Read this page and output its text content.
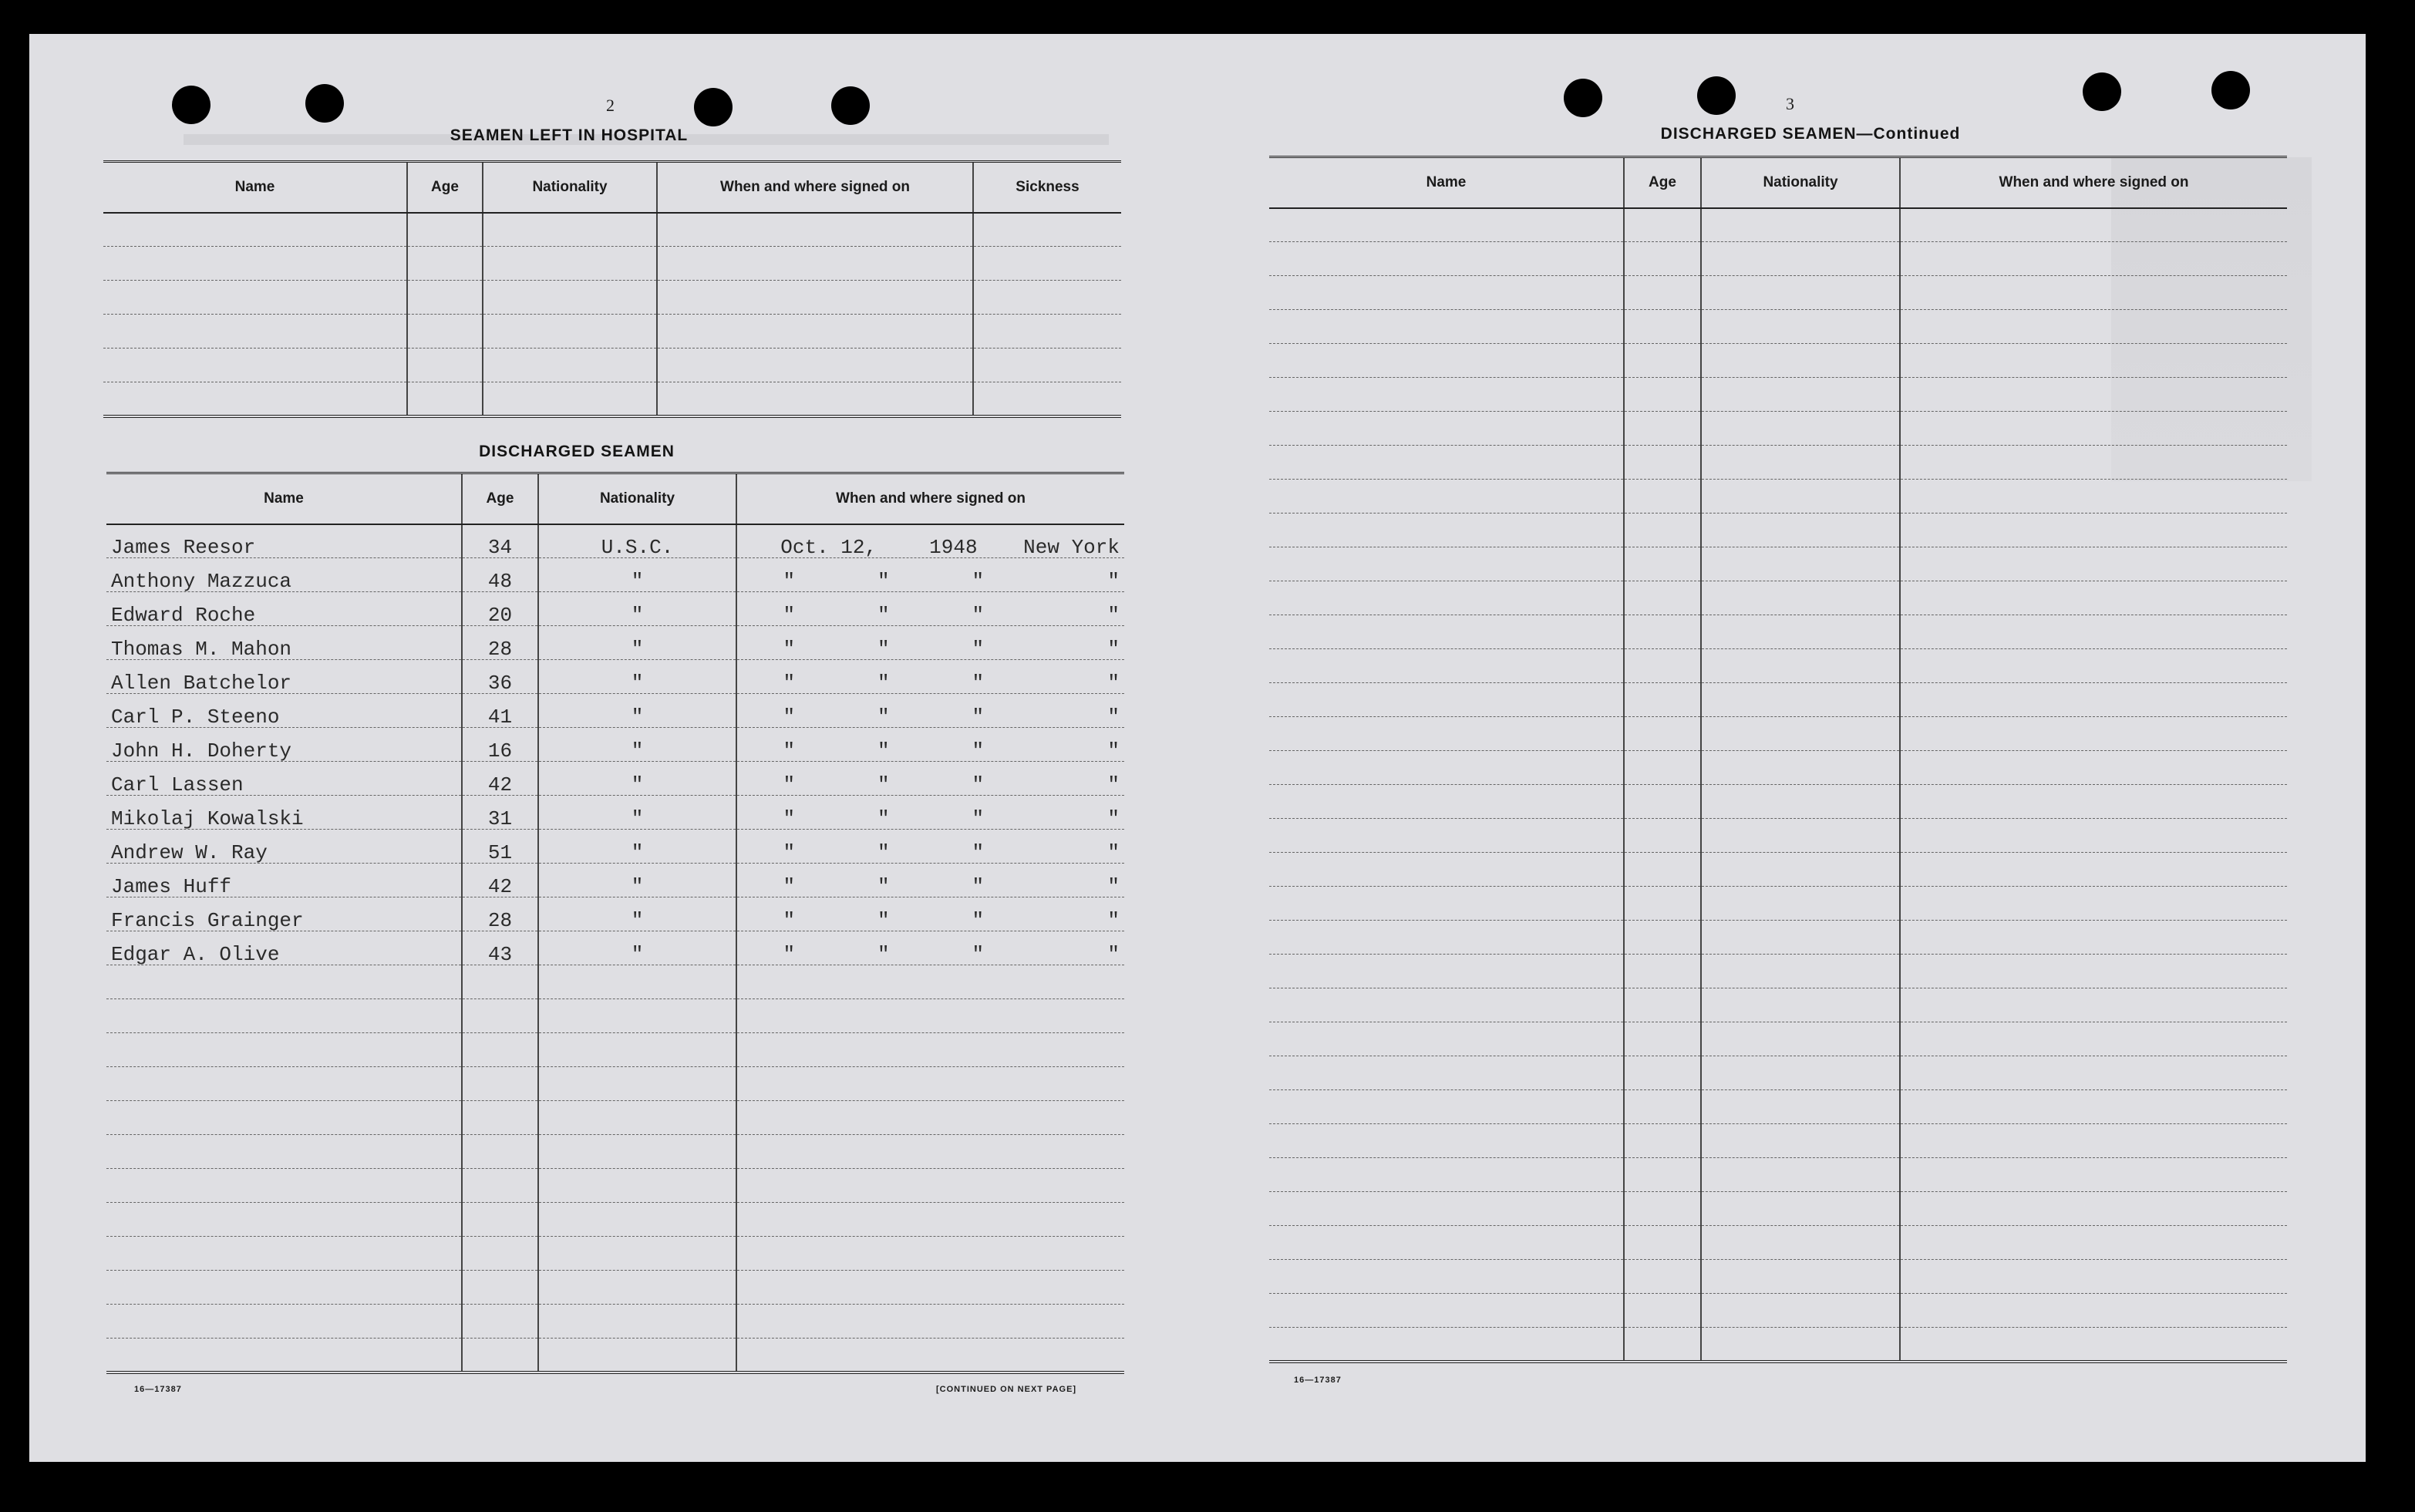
2
SEAMEN LEFT IN HOSPITAL
Name	Age	Nationality	When and where signed on	Sickness

DISCHARGED SEAMEN
Name	Age	Nationality	When and where signed on
James Reesor	34	U.S.C.	Oct. 12, 1948 New York
Anthony Mazzuca	48	"	" " " "
Edward Roche	20	"	" " " "
Thomas M. Mahon	28	"	" " " "
Allen Batchelor	36	"	" " " "
Carl P. Steeno	41	"	" " " "
John H. Doherty	16	"	" " " "
Carl Lassen	42	"	" " " "
Mikolaj Kowalski	31	"	" " " "
Andrew W. Ray	51	"	" " " "
James Huff	42	"	" " " "
Francis Grainger	28	"	" " " "
Edgar A. Olive	43	"	" " " "

16—17387	[CONTINUED ON NEXT PAGE]
3
DISCHARGED SEAMEN—Continued
Name	Age	Nationality	When and where signed on

16—17387
